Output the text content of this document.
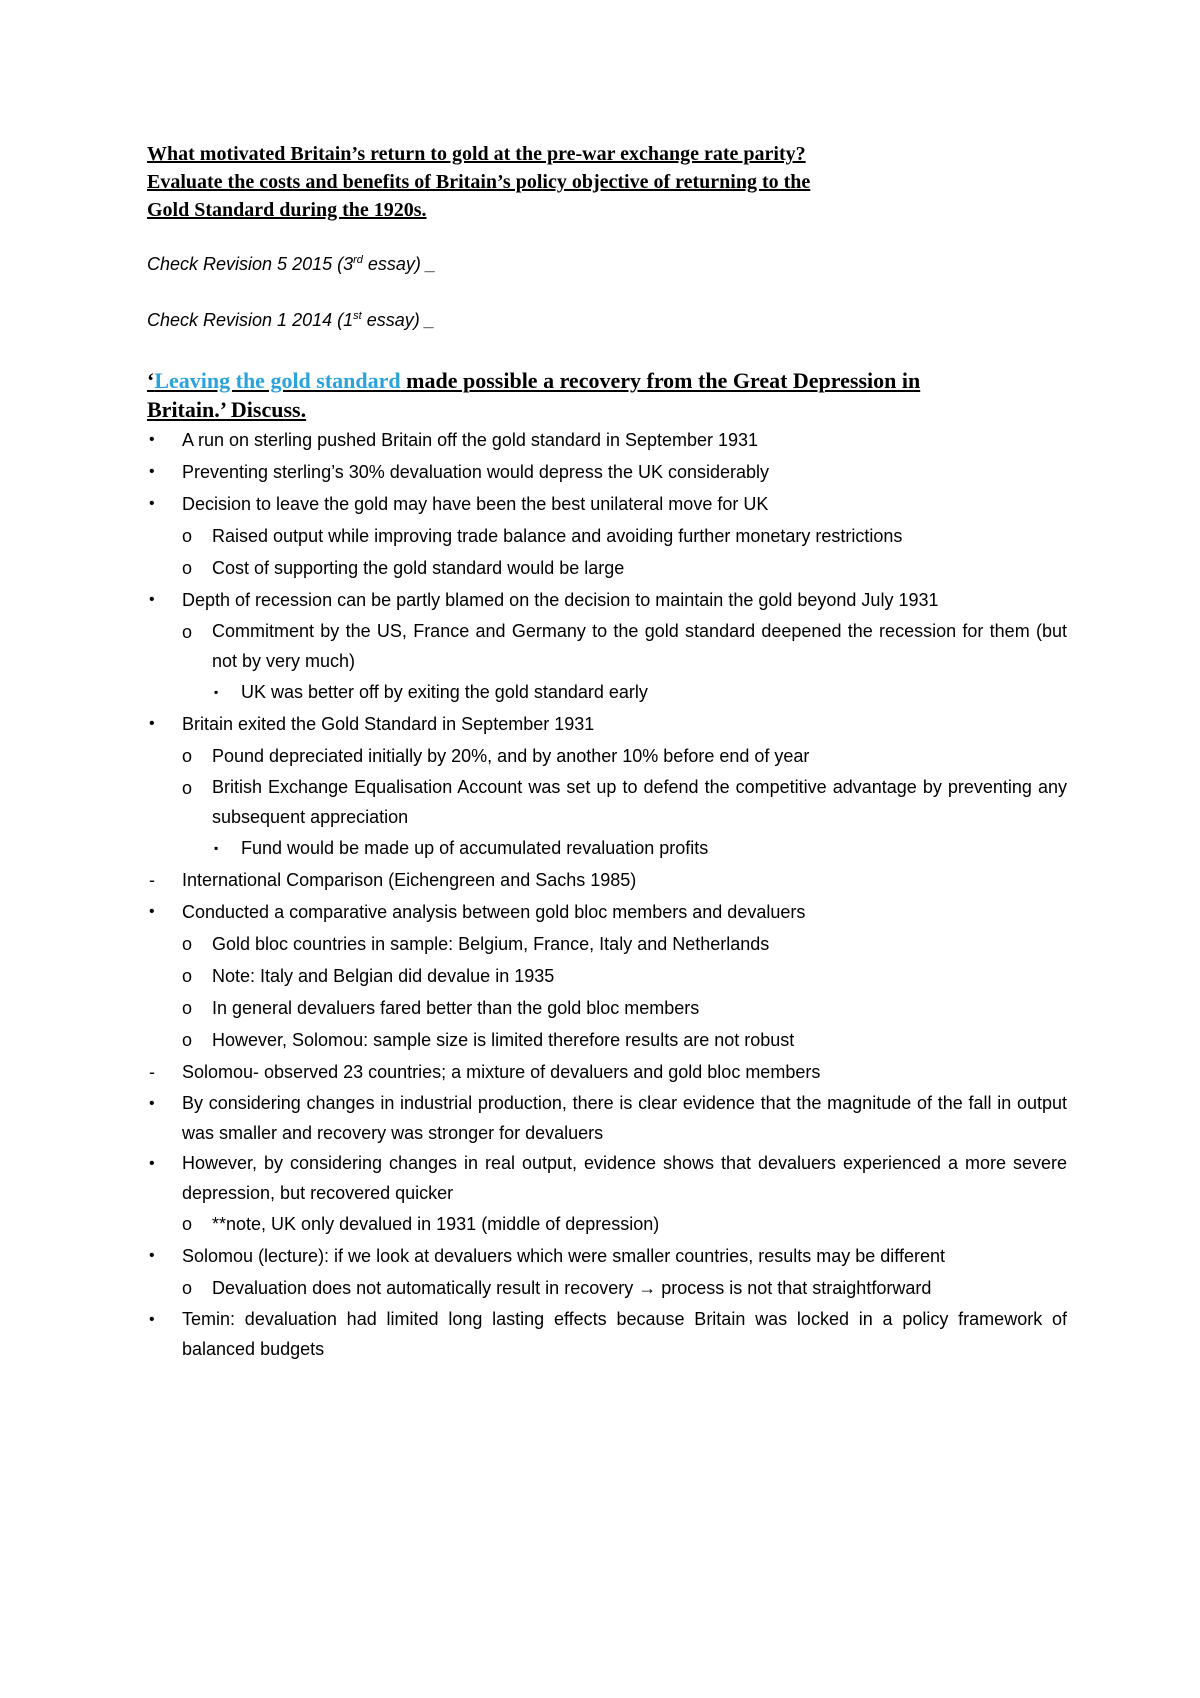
What motivated Britain’s return to gold at the pre-war exchange rate parity?

Evaluate the costs and benefits of Britain’s policy objective of returning to the

Gold Standard during the 1920s.

Check Revision 5 2015 (3rd essay) _

Check Revision 1 2014 (1st essay) _

‘Leaving the gold standard made possible a recovery from the Great Depression in
Britain.’ Discuss.

• A run on sterling pushed Britain off the gold standard in September 1931
• Preventing sterling’s 30% devaluation would depress the UK considerably
• Decision to leave the gold may have been the best unilateral move for UK
o Raised output while improving trade balance and avoiding further monetary restrictions
o Cost of supporting the gold standard would be large
• Depth of recession can be partly blamed on the decision to maintain the gold beyond July 1931
o Commitment by the US, France and Germany to the gold standard deepened the recession for them (but not by very much)
▪ UK was better off by exiting the gold standard early
• Britain exited the Gold Standard in September 1931
o Pound depreciated initially by 20%, and by another 10% before end of year
o British Exchange Equalisation Account was set up to defend the competitive advantage by preventing any subsequent appreciation
▪ Fund would be made up of accumulated revaluation profits
- International Comparison (Eichengreen and Sachs 1985)
• Conducted a comparative analysis between gold bloc members and devaluers
o Gold bloc countries in sample: Belgium, France, Italy and Netherlands
o Note: Italy and Belgian did devalue in 1935
o In general devaluers fared better than the gold bloc members
o However, Solomou: sample size is limited therefore results are not robust
- Solomou- observed 23 countries; a mixture of devaluers and gold bloc members
• By considering changes in industrial production, there is clear evidence that the magnitude of the fall in output was smaller and recovery was stronger for devaluers
• However, by considering changes in real output, evidence shows that devaluers experienced a more severe depression, but recovered quicker
o **note, UK only devalued in 1931 (middle of depression)
• Solomou (lecture): if we look at devaluers which were smaller countries, results may be different
o Devaluation does not automatically result in recovery → process is not that straightforward
• Temin: devaluation had limited long lasting effects because Britain was locked in a policy framework of balanced budgets
